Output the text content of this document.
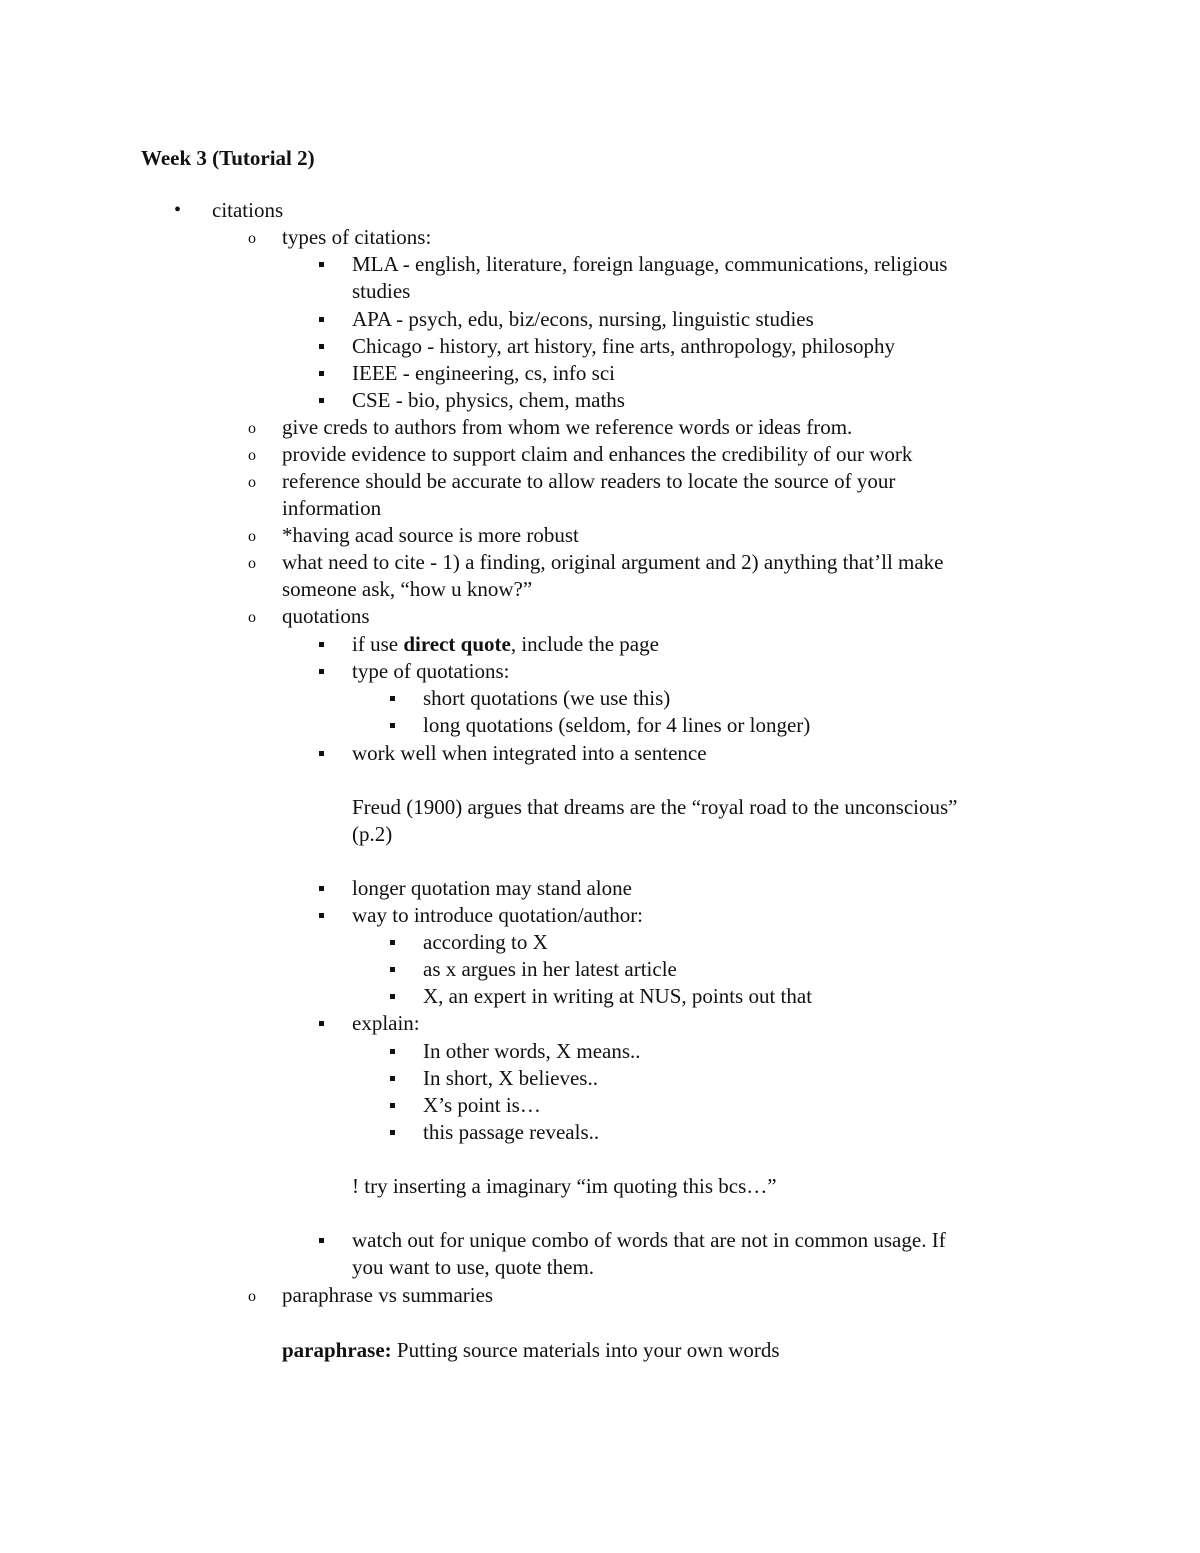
Week 3 (Tutorial 2)
• citations
o types of citations:
MLA - english, literature, foreign language, communications, religious
studies
APA - psych, edu, biz/econs, nursing, linguistic studies
Chicago - history, art history, fine arts, anthropology, philosophy
IEEE - engineering, cs, info sci
CSE - bio, physics, chem, maths
o give creds to authors from whom we reference words or ideas from.
o provide evidence to support claim and enhances the credibility of our work
o reference should be accurate to allow readers to locate the source of your
information
o *having acad source is more robust
o what need to cite - 1) a finding, original argument and 2) anything that’ll make
someone ask, “how u know?”
o quotations
if use direct quote, include the page
type of quotations:
short quotations (we use this)
long quotations (seldom, for 4 lines or longer)
work well when integrated into a sentence
Freud (1900) argues that dreams are the “royal road to the unconscious”
(p.2)
longer quotation may stand alone
way to introduce quotation/author:
according to X
as x argues in her latest article
X, an expert in writing at NUS, points out that
explain:
In other words, X means..
In short, X believes..
X’s point is…
this passage reveals..
! try inserting a imaginary “im quoting this bcs…”
watch out for unique combo of words that are not in common usage. If
you want to use, quote them.
o paraphrase vs summaries
paraphrase: Putting source materials into your own words
